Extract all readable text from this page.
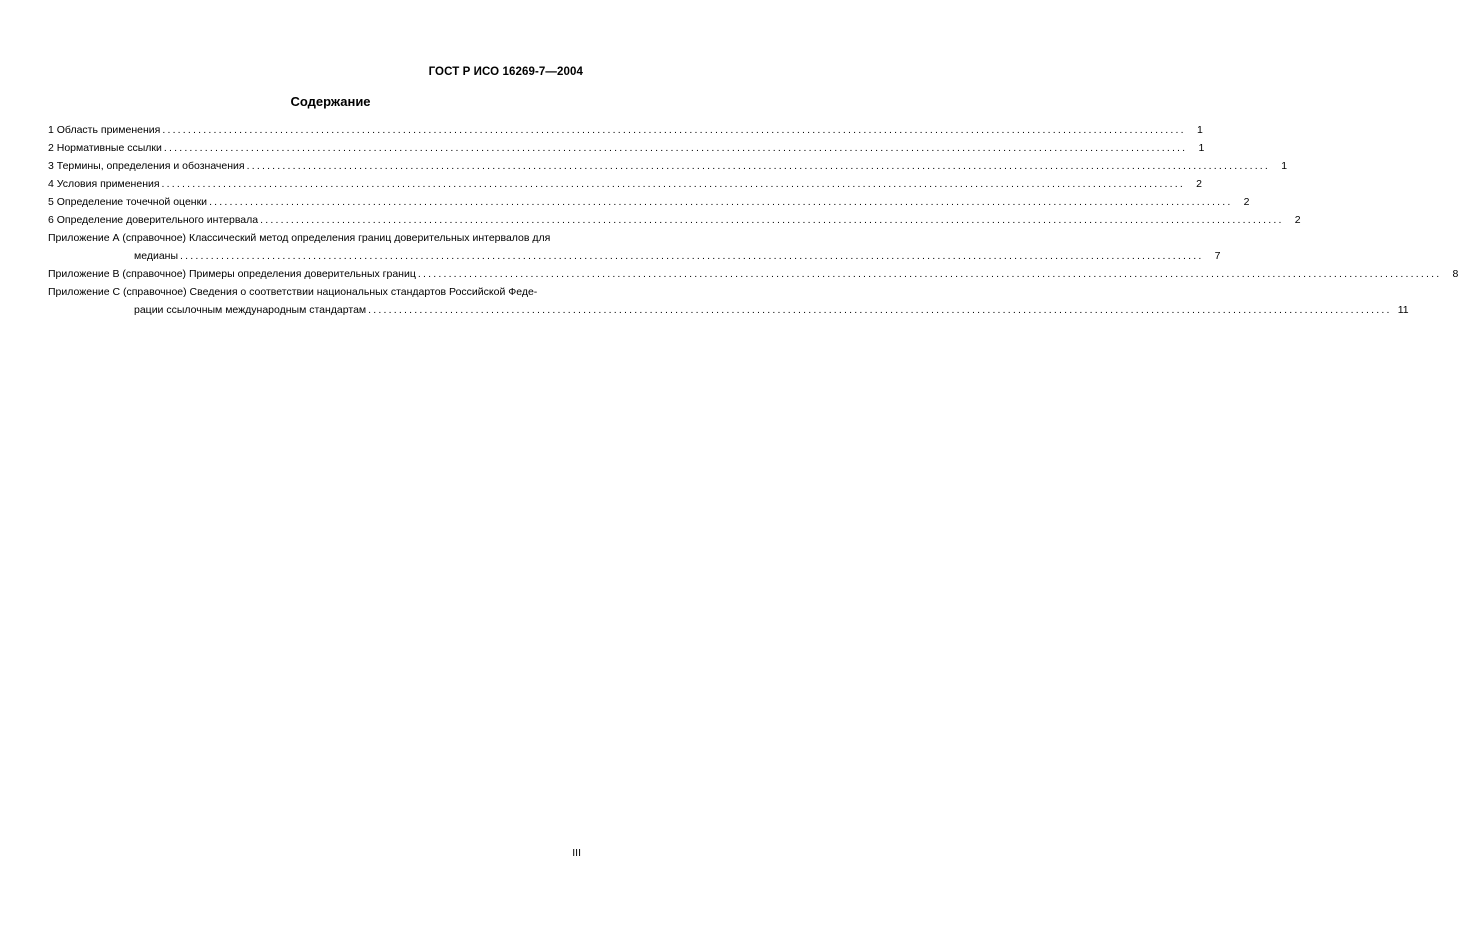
ГОСТ Р ИСО 16269-7—2004
Содержание
1 Область применения ........................................................................................................................................................................................................	1
2 Нормативные ссылки ........................................................................................................................................................................................................	1
3 Термины, определения и обозначения ........................................................................................................................................................................................................	1
4 Условия применения ........................................................................................................................................................................................................	2
5 Определение точечной оценки ........................................................................................................................................................................................................	2
6 Определение доверительного интервала ........................................................................................................................................................................................................	2
Приложение А (справочное) Классический метод определения границ доверительных интервалов для
медианы ........................................................................................................................................................................................................	7
Приложение В (справочное) Примеры определения доверительных границ ........................................................................................................................................................................................................	8
Приложение С (справочное) Сведения о соответствии национальных стандартов Российской Феде-
рации ссылочным международным стандартам ........................................................................................................................................................................................................ 11
III
